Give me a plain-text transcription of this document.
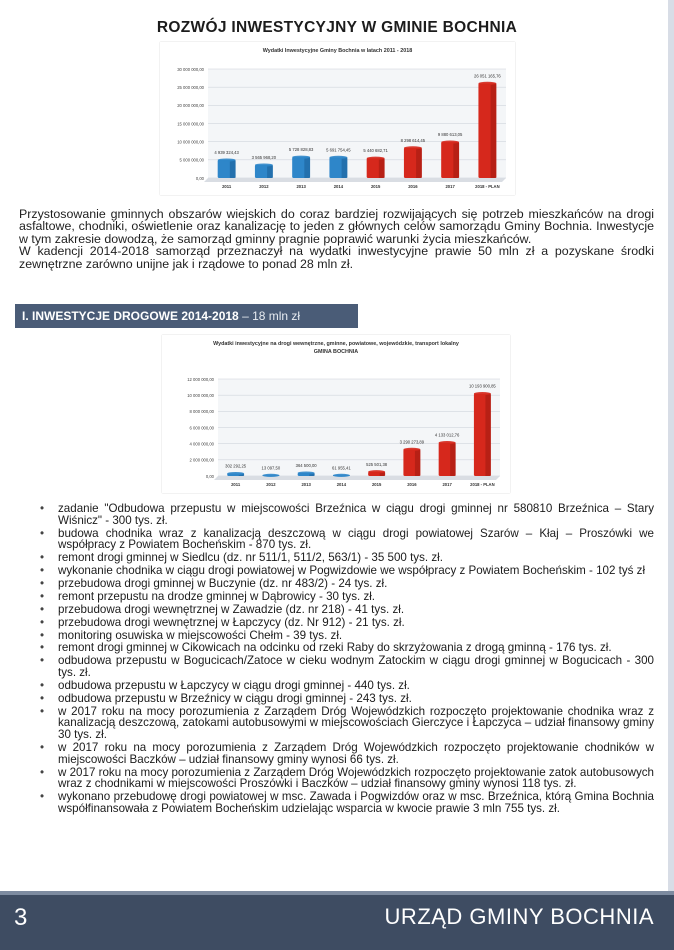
ROZWÓJ INWESTYCYJNY W GMINIE BOCHNIA
Wydatki Inwestycyjne Gminy Bochnia w latach 2011 - 2018
0,00
5 000 000,00
10 000 000,00
15 000 000,00
20 000 000,00
25 000 000,00
30 000 000,00
4 939 324,43
2011
3 565 968,20
2012
5 728 828,83
2013
5 691 754,45
2014
5 440 682,71
2015
8 298 614,45
2016
9 880 613,05
2017
26 051 165,76
2018 - PLAN

Przystosowanie gminnych obszarów wiejskich do coraz bardziej rozwijających się potrzeb mieszkańców na drogi asfaltowe, chodniki, oświetlenie oraz kanalizację to jeden z głównych celów samorządu Gminy Bochnia. Inwestycje w tym zakresie dowodzą, że samorząd gminny pragnie poprawić warunki życia mieszkańców.

W kadencji 2014-2018 samorząd przeznaczył na wydatki inwestycyjne prawie 50 mln zł a pozyskane środki zewnętrzne zarówno unijne jak i rządowe to ponad 28 mln zł.

I. INWESTYCJE DROGOWE 2014-2018 – 18 mln zł
Wydatki inwestycyjne na drogi wewnętrzne, gminne, powiatowe, wojewódzkie, transport lokalny
GMINA BOCHNIA
0,00
2 000 000,00
4 000 000,00
6 000 000,00
8 000 000,00
10 000 000,00
12 000 000,00
302 292,25
2011
13 097,50
2012
364 500,00
2013
61 955,41
2014
525 501,38
2015
3 290 273,89
2016
4 133 012,76
2017
10 193 900,85
2018 - PLAN
• zadanie "Odbudowa przepustu w miejscowości Brzeźnica w ciągu drogi gminnej nr 580810 Brzeźnica – Stary Wiśnicz" - 300 tys. zł.
• budowa chodnika wraz z kanalizacją deszczową w ciągu drogi powiatowej Szarów – Kłaj – Proszówki we współpracy z Powiatem Bocheńskim - 870 tys. zł.
• remont drogi gminnej w Siedlcu (dz. nr 511/1, 511/2, 563/1) - 35 500 tys. zł.
• wykonanie chodnika w ciągu drogi powiatowej w Pogwizdowie we współpracy z Powiatem Bocheńskim - 102 tyś zł
• przebudowa drogi gminnej w Buczynie (dz. nr 483/2) - 24 tys. zł.
• remont przepustu na drodze gminnej w Dąbrowicy - 30 tys. zł.
• przebudowa drogi wewnętrznej w Zawadzie (dz. nr 218) - 41 tys. zł.
• przebudowa drogi wewnętrznej w Łapczycy (dz. Nr 912) - 21 tys. zł.
• monitoring osuwiska w miejscowości Chełm - 39 tys. zł.
• remont drogi gminnej w Cikowicach na odcinku od rzeki Raby do skrzyżowania z drogą gminną - 176 tys. zł.
• odbudowa przepustu w Bogucicach/Zatoce w cieku wodnym Zatockim w ciągu drogi gminnej w Bogucicach - 300 tys. zł.
• odbudowa przepustu w Łapczycy w ciągu drogi gminnej - 440 tys. zł.
• odbudowa przepustu w Brzeźnicy w ciągu drogi gminnej - 243 tys. zł.
• w 2017 roku na mocy porozumienia z Zarządem Dróg Wojewódzkich rozpoczęto projektowanie chodnika wraz z kanalizacją deszczową, zatokami autobusowymi w miejscowościach Gierczyce i Łapczyca – udział finansowy gminy 30 tys. zł.
• w 2017 roku na mocy porozumienia z Zarządem Dróg Wojewódzkich rozpoczęto projektowanie chodników w miejscowości Baczków – udział finansowy gminy wynosi 66 tys. zł.
• w 2017 roku na mocy porozumienia z Zarządem Dróg Wojewódzkich rozpoczęto projektowanie zatok autobusowych wraz z chodnikami w miejscowości Proszówki i Baczków – udział finansowy gminy wynosi 118 tys. zł.
• wykonano przebudowę drogi powiatowej w msc. Zawada i Pogwizdów oraz w msc. Brzeźnica, którą Gmina Bochnia współfinansowała z Powiatem Bocheńskim udzielając wsparcia w kwocie prawie 3 mln 755 tys. zł.
3	URZĄD GMINY BOCHNIA
